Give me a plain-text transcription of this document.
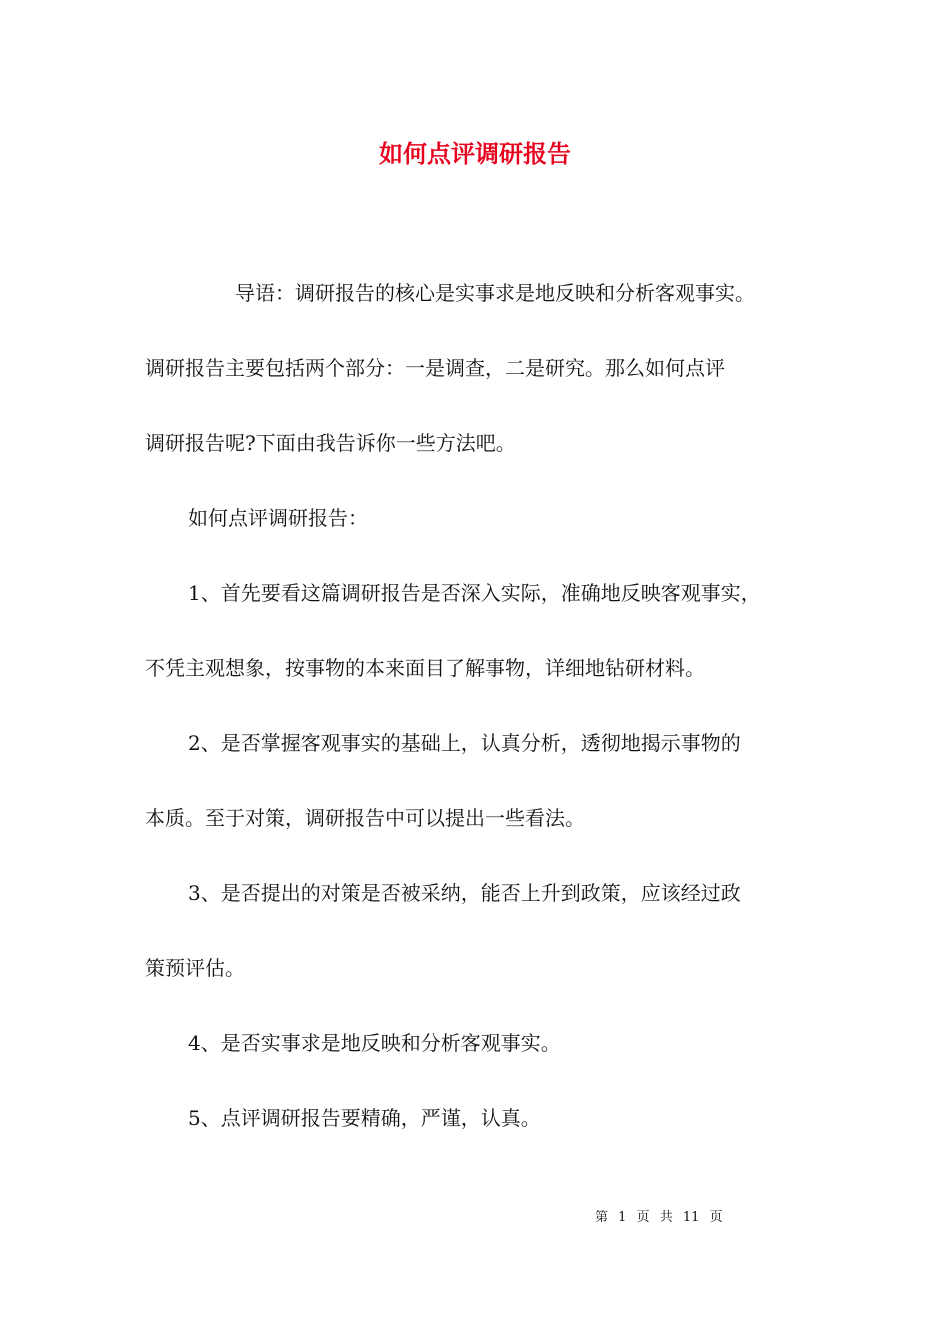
如何点评调研报告

导语：调研报告的核心是实事求是地反映和分析客观事实。

调研报告主要包括两个部分：一是调查，二是研究。那么如何点评

调研报告呢?下面由我告诉你一些方法吧。

如何点评调研报告：

1、首先要看这篇调研报告是否深入实际，准确地反映客观事实，

不凭主观想象，按事物的本来面目了解事物，详细地钻研材料。

2、是否掌握客观事实的基础上，认真分析，透彻地揭示事物的

本质。至于对策，调研报告中可以提出一些看法。

3、是否提出的对策是否被采纳，能否上升到政策，应该经过政

策预评估。

4、是否实事求是地反映和分析客观事实。

5、点评调研报告要精确，严谨，认真。

第 1 页 共 11 页
